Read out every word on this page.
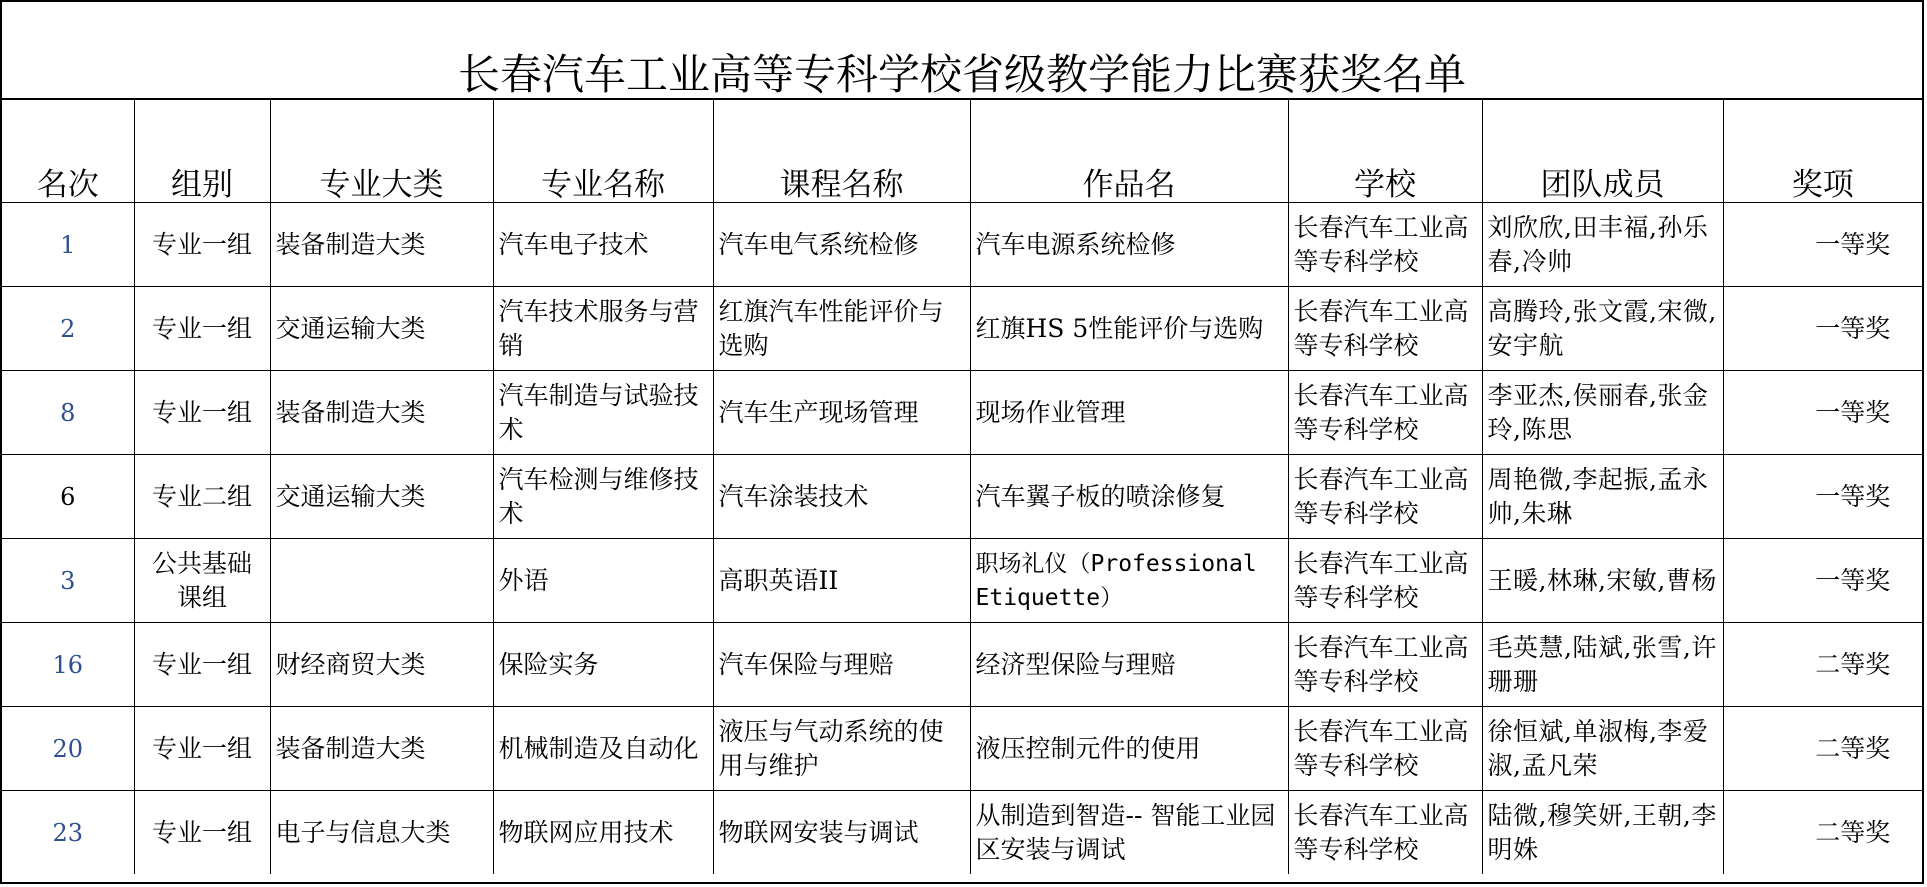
长春汽车工业高等专科学校省级教学能力比赛获奖名单
名次	组别	专业大类	专业名称	课程名称	作品名	学校	团队成员	奖项
1	专业一组	装备制造大类	汽车电子技术	汽车电气系统检修	汽车电源系统检修	长春汽车工业高等专科学校	刘欣欣,田丰福,孙乐春,冷帅	一等奖
2	专业一组	交通运输大类	汽车技术服务与营销	红旗汽车性能评价与选购	红旗HS 5性能评价与选购	长春汽车工业高等专科学校	高腾玲,张文霞,宋微,安宇航	一等奖
8	专业一组	装备制造大类	汽车制造与试验技术	汽车生产现场管理	现场作业管理	长春汽车工业高等专科学校	李亚杰,侯丽春,张金玲,陈思	一等奖
6	专业二组	交通运输大类	汽车检测与维修技术	汽车涂装技术	汽车翼子板的喷涂修复	长春汽车工业高等专科学校	周艳微,李起振,孟永帅,朱琳	一等奖
3	公共基础课组		外语	高职英语II	职场礼仪（Professional Etiquette）	长春汽车工业高等专科学校	王暖,林琳,宋敏,曹杨	一等奖
16	专业一组	财经商贸大类	保险实务	汽车保险与理赔	经济型保险与理赔	长春汽车工业高等专科学校	毛英慧,陆斌,张雪,许珊珊	二等奖
20	专业一组	装备制造大类	机械制造及自动化	液压与气动系统的使用与维护	液压控制元件的使用	长春汽车工业高等专科学校	徐恒斌,单淑梅,李爱淑,孟凡荣	二等奖
23	专业一组	电子与信息大类	物联网应用技术	物联网安装与调试	从制造到智造-- 智能工业园区安装与调试	长春汽车工业高等专科学校	陆微,穆笑妍,王朝,李明姝	二等奖
